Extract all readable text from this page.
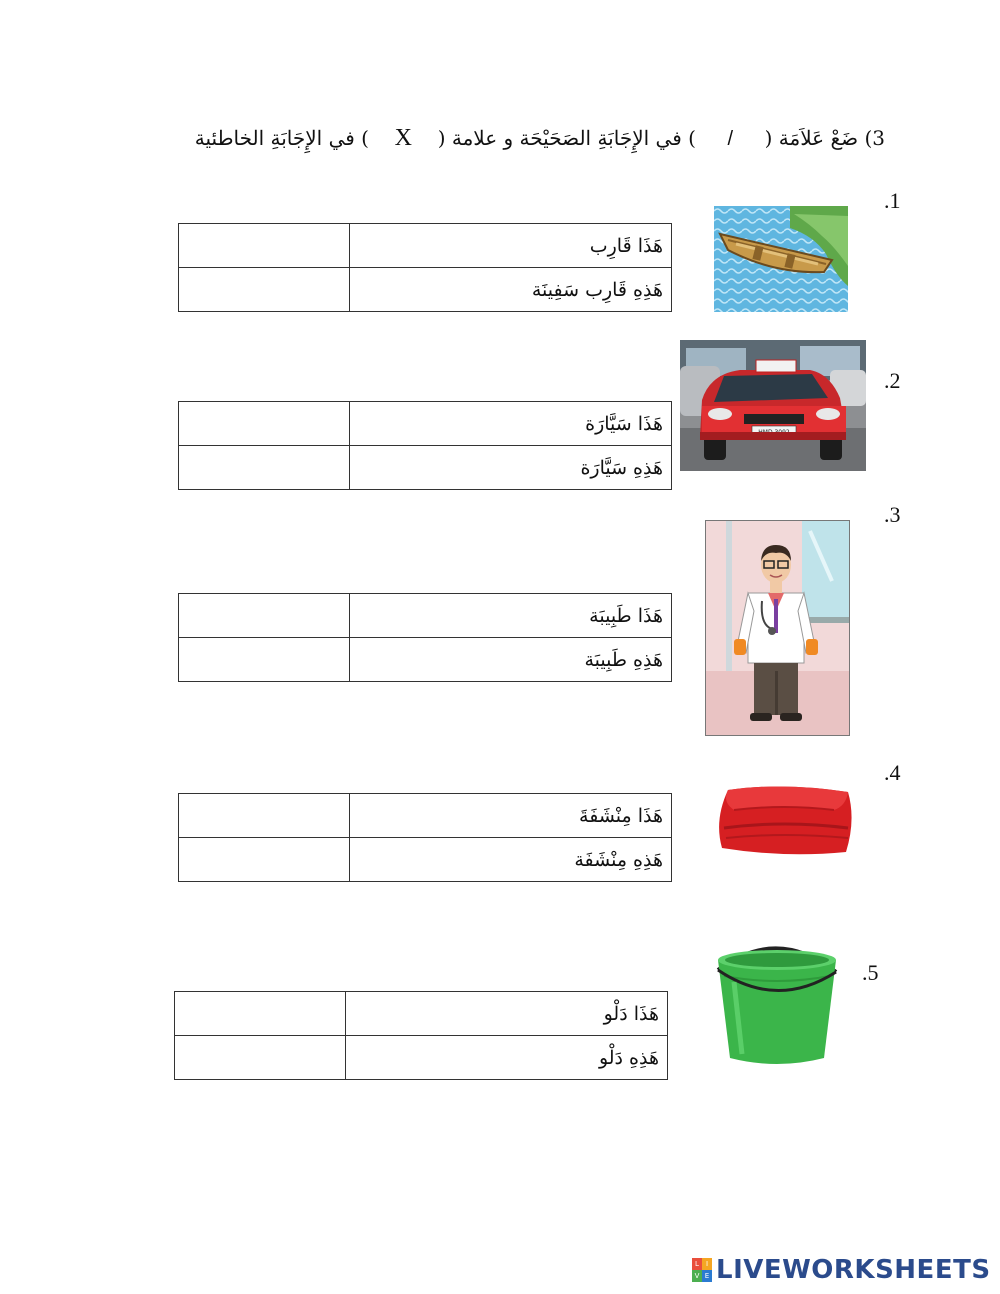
3) ضَعْ عَلاَمَة ( / ) في الإِجَابَةِ الصَحَيْحَة و علامة ( X ) في الإِجَابَةِ الخاطئية
.1
هَذَا قَارِب	
هَذِهِ قَارِب سَفِينَة	
.2
هَذَا سَيَّارَة	
هَذِهِ سَيَّارَة	
.3
هَذَا طَبِيبَة	
هَذِهِ طَبِيبَة	
.4
هَذَا مِنْشَفَةَ	
هَذِهِ مِنْشَفَة	
.5
هَذَا دَلْو	
هَذِهِ دَلْو	
L	I
V E LIVEWORKSHEETS
